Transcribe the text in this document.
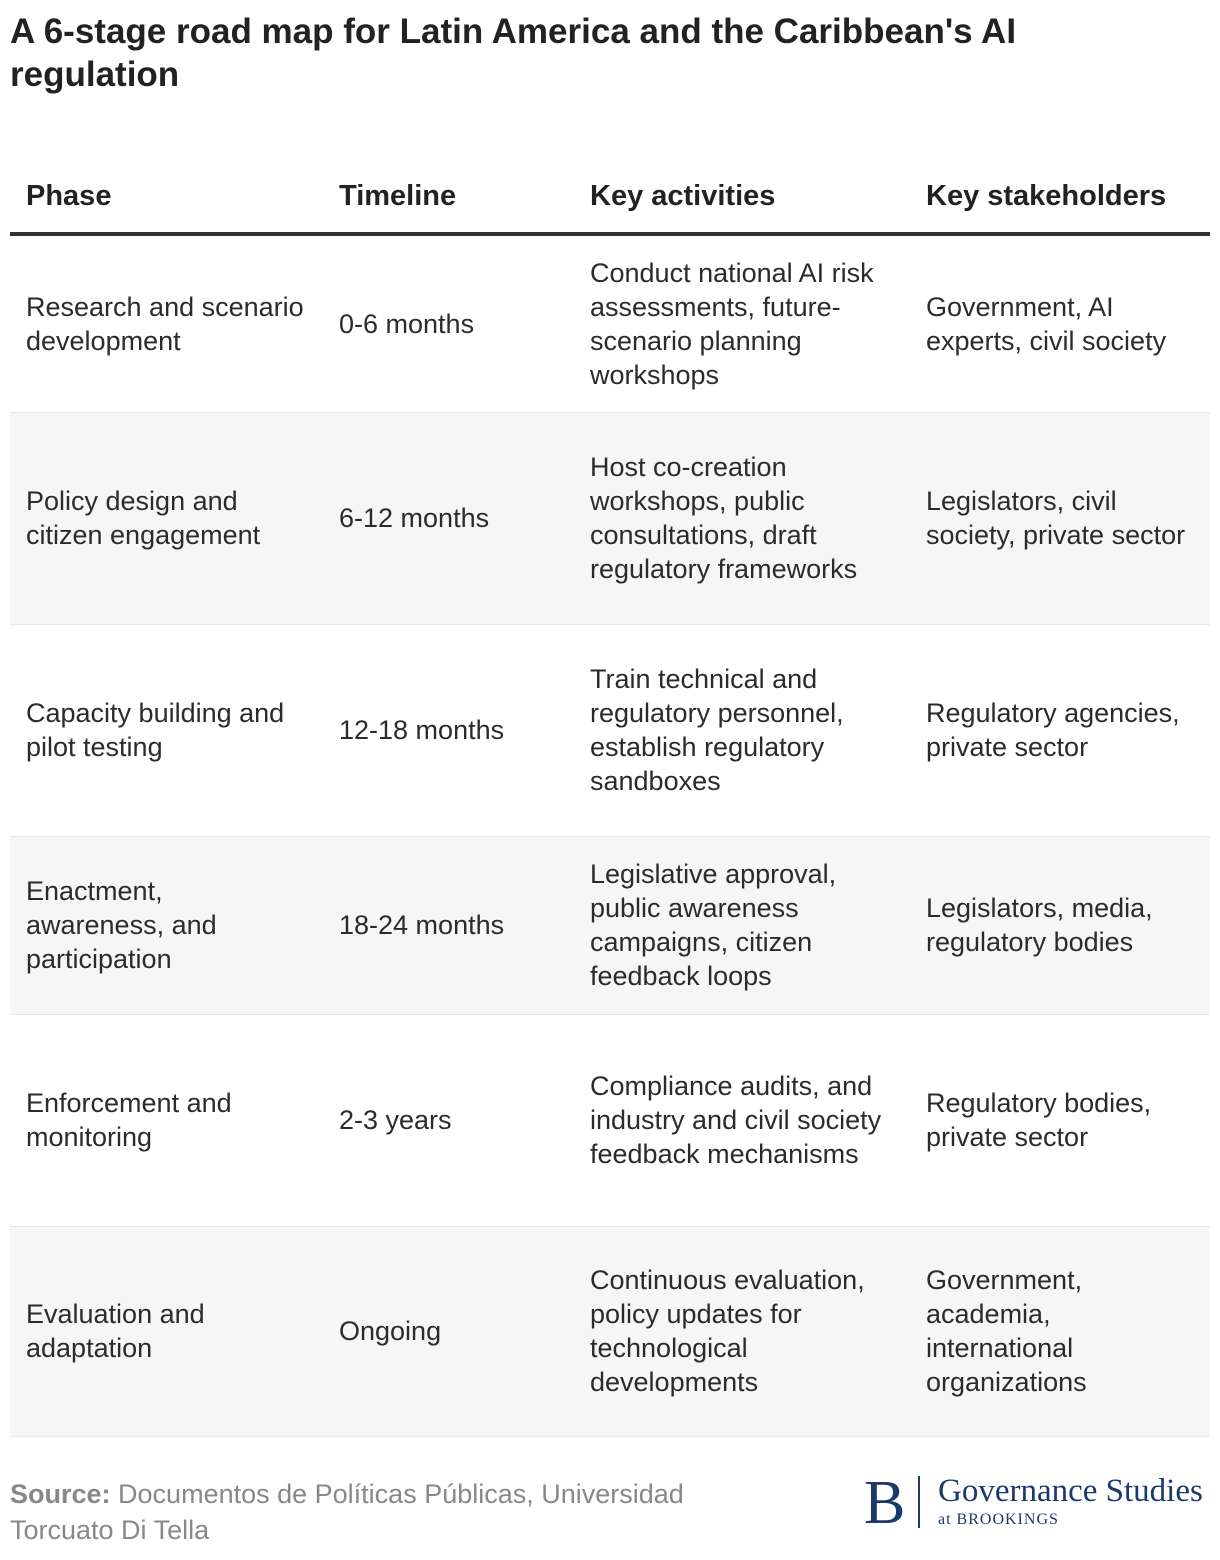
A 6-stage road map for Latin America and the Caribbean's AI regulation
Phase	Timeline	Key activities	Key stakeholders
Research and scenario development	0-6 months	Conduct national AI risk assessments, future-scenario planning workshops	Government, AI experts, civil society
Policy design and citizen engagement	6-12 months	Host co-creation workshops, public consultations, draft regulatory frameworks	Legislators, civil society, private sector
Capacity building and pilot testing	12-18 months	Train technical and regulatory personnel, establish regulatory sandboxes	Regulatory agencies, private sector
Enactment, awareness, and participation	18-24 months	Legislative approval, public awareness campaigns, citizen feedback loops	Legislators, media, regulatory bodies
Enforcement and monitoring	2-3 years	Compliance audits, and industry and civil society feedback mechanisms	Regulatory bodies, private sector
Evaluation and adaptation	Ongoing	Continuous evaluation, policy updates for technological developments	Government, academia, international organizations
Source: Documentos de Políticas Públicas, Universidad Torcuato Di Tella	B Governance Studies
at BROOKINGS
